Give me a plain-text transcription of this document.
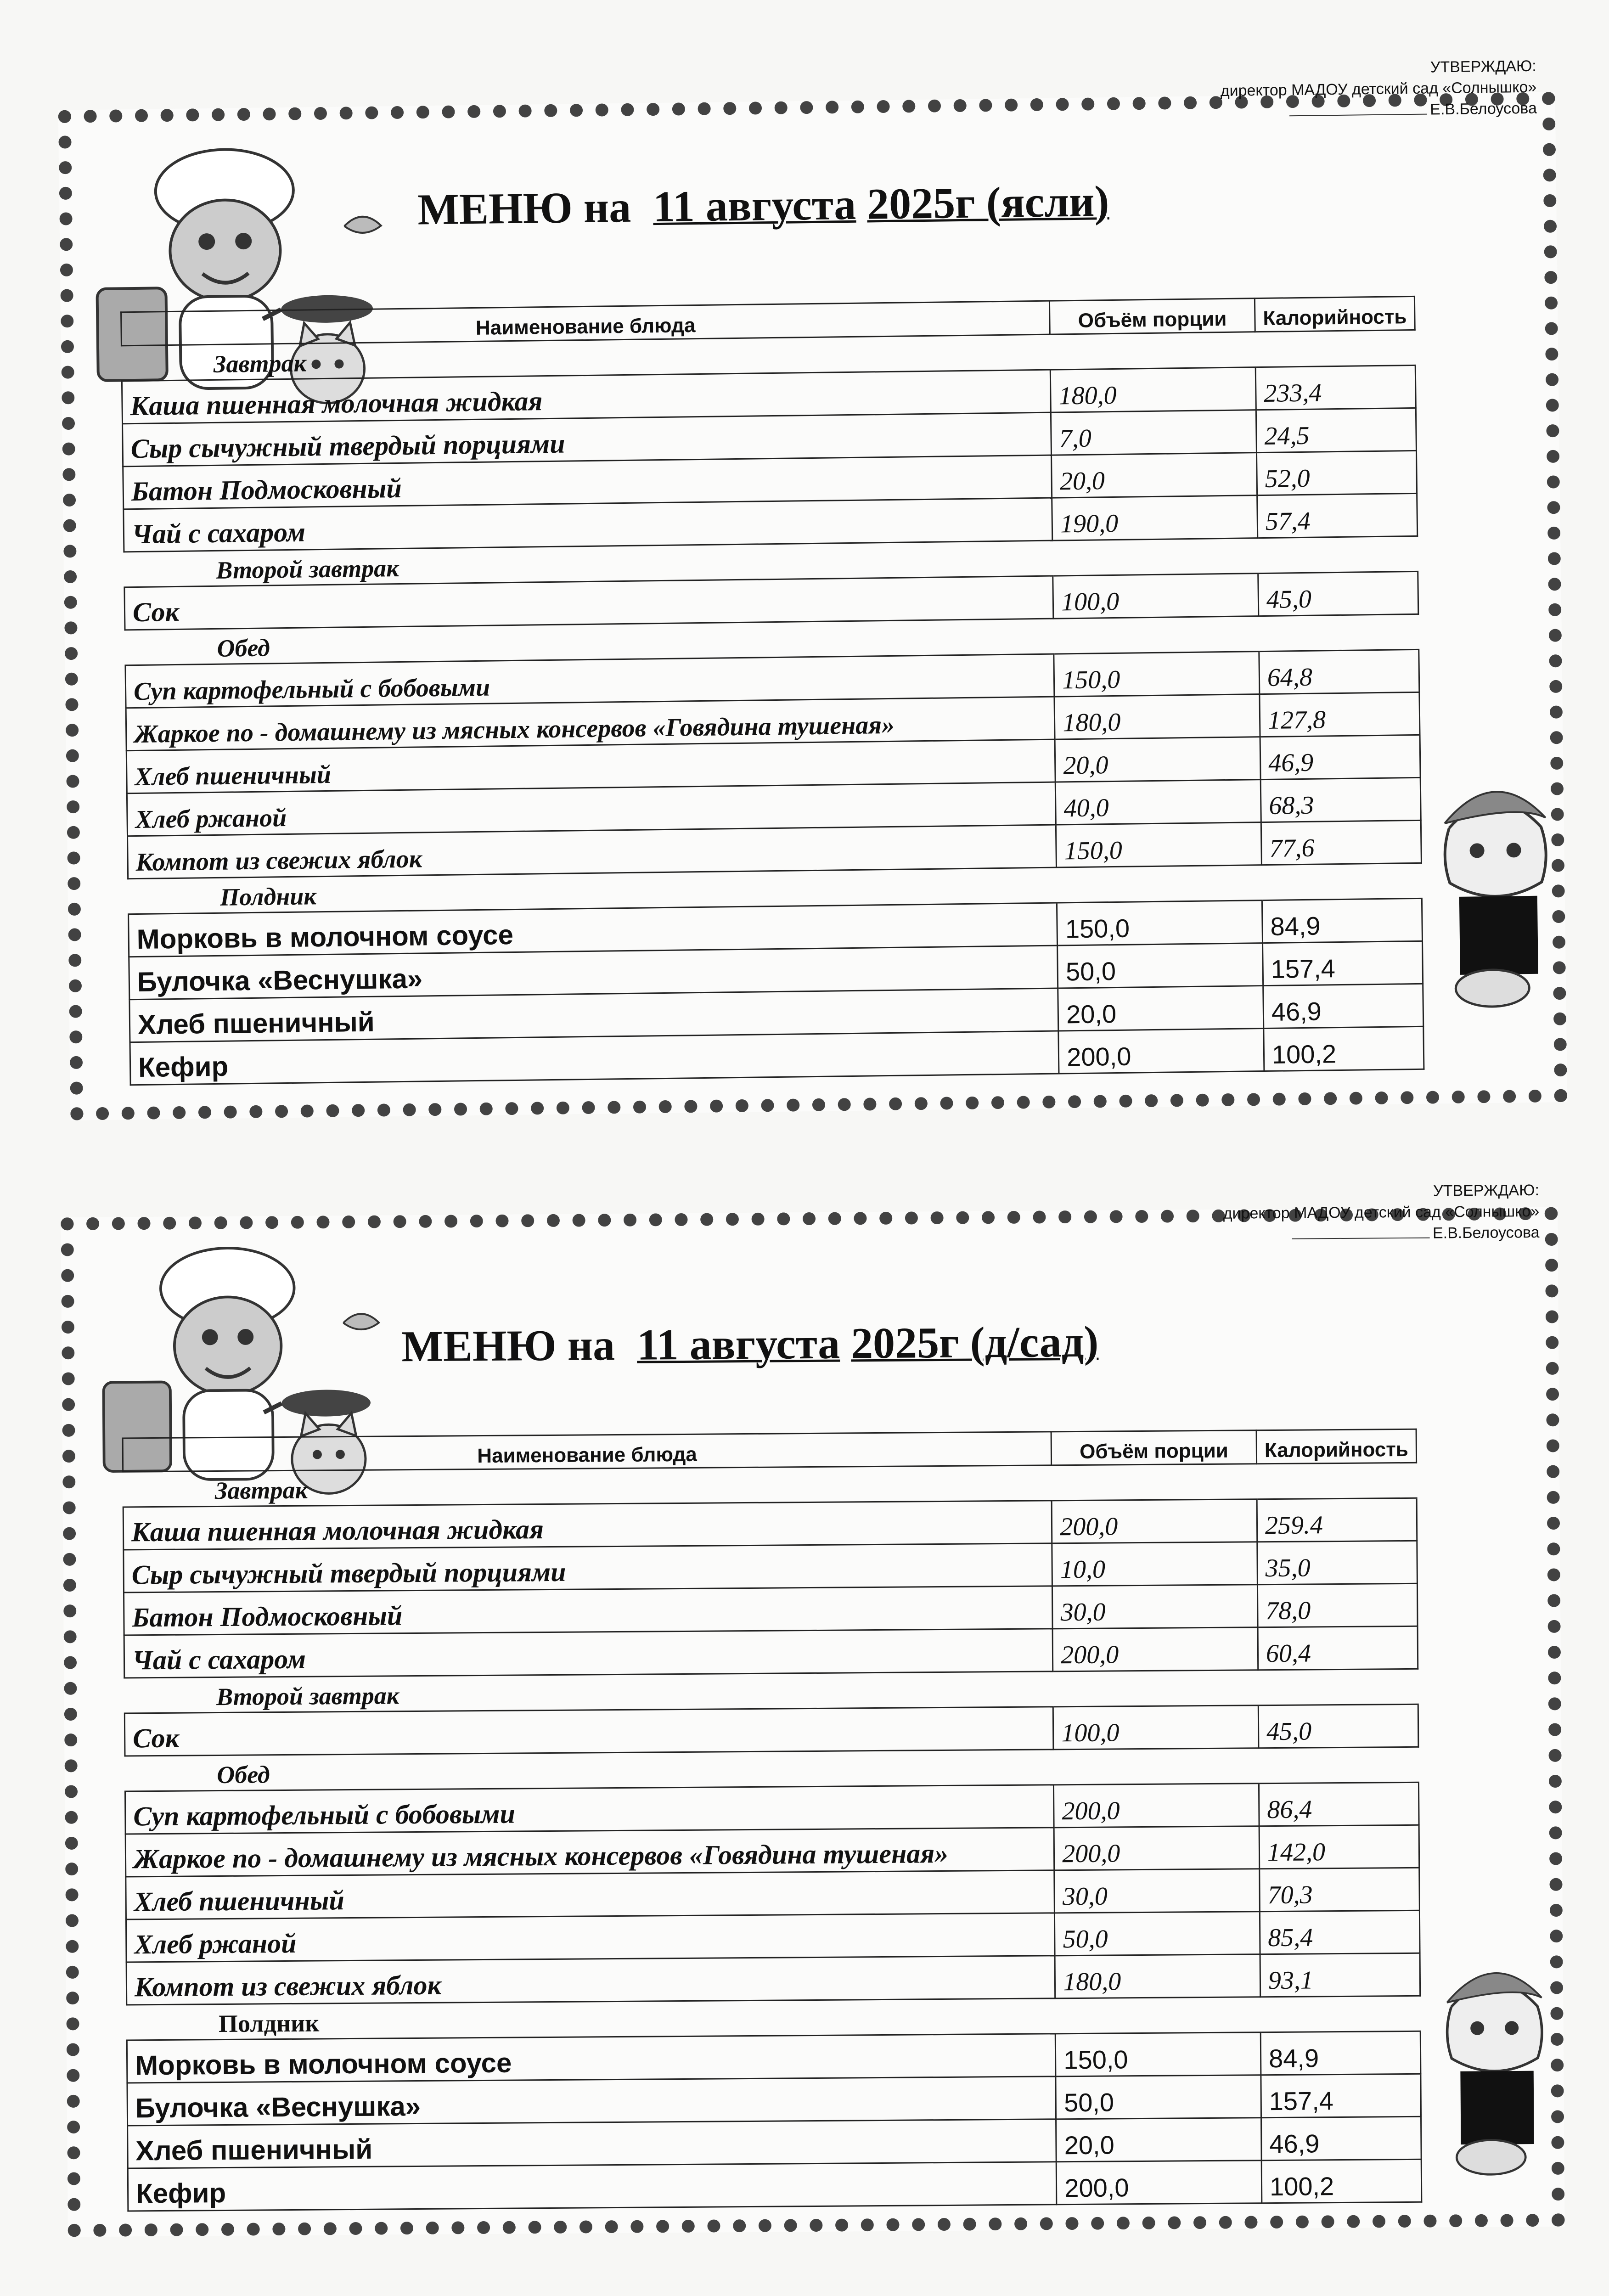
УТВЕРЖДАЮ:
директор МАДОУ детский сад «Солнышко»
Е.В.Белоусова
МЕНЮ на 11 августа 2025г (ясли)
Наименование блюда	Объём порции	Калорийность
Завтрак		
Каша пшенная молочная жидкая	180,0	233,4
Сыр сычужный твердый порциями	7,0	24,5
Батон Подмосковный	20,0	52,0
Чай с сахаром	190,0	57,4
Второй завтрак		
Сок	100,0	45,0
Обед		
Суп картофельный с бобовыми	150,0	64,8
Жаркое по - домашнему из мясных консервов «Говядина тушеная»	180,0	127,8
Хлеб пшеничный	20,0	46,9
Хлеб ржаной	40,0	68,3
Компот из свежих яблок	150,0	77,6
Полдник		
Морковь в молочном соусе	150,0	84,9
Булочка «Веснушка»	50,0	157,4
Хлеб пшеничный	20,0	46,9
Кефир	200,0	100,2
УТВЕРЖДАЮ:
директор МАДОУ детский сад «Солнышко»
Е.В.Белоусова
МЕНЮ на 11 августа 2025г (д/сад)
Наименование блюда	Объём порции	Калорийность
Завтрак		
Каша пшенная молочная жидкая	200,0	259.4
Сыр сычужный твердый порциями	10,0	35,0
Батон Подмосковный	30,0	78,0
Чай с сахаром	200,0	60,4
Второй завтрак		
Сок	100,0	45,0
Обед		
Суп картофельный с бобовыми	200,0	86,4
Жаркое по - домашнему из мясных консервов «Говядина тушеная»	200,0	142,0
Хлеб пшеничный	30,0	70,3
Хлеб ржаной	50,0	85,4
Компот из свежих яблок	180,0	93,1
Полдник		
Морковь в молочном соусе	150,0	84,9
Булочка «Веснушка»	50,0	157,4
Хлеб пшеничный	20,0	46,9
Кефир	200,0	100,2
